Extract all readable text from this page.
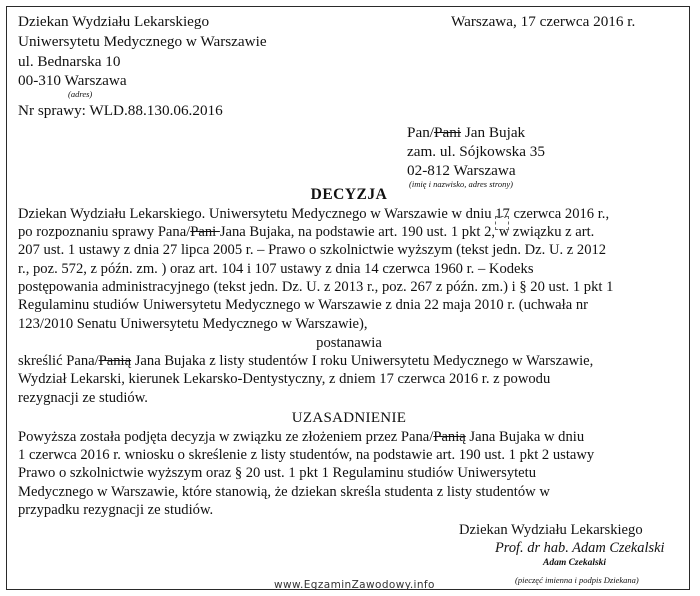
Dziekan Wydziału Lekarskiego
Uniwersytetu Medycznego w Warszawie
ul. Bednarska 10
00-310 Warszawa
(adres)
Nr sprawy: WLD.88.130.06.2016
Warszawa, 17 czerwca 2016 r.
Pan/Pani Jan Bujak
zam. ul. Sójkowska 35
02-812 Warszawa
(imię i nazwisko, adres strony)
DECYZJA
Dziekan Wydziału Lekarskiego. Uniwersytetu Medycznego w Warszawie w dniu 17 czerwca 2016 r.,
po rozpoznaniu sprawy Pana/Pani Jana Bujaka, na podstawie art. 190 ust. 1 pkt 2, w związku z art.
207 ust. 1 ustawy z dnia 27 lipca 2005 r. – Prawo o szkolnictwie wyższym (tekst jedn. Dz. U. z 2012
r., poz. 572, z późn. zm. ) oraz art. 104 i 107 ustawy z dnia 14 czerwca 1960 r. – Kodeks
postępowania administracyjnego (tekst jedn. Dz. U. z 2013 r., poz. 267 z późn. zm.) i § 20 ust. 1 pkt 1
Regulaminu studiów Uniwersytetu Medycznego w Warszawie z dnia 22 maja 2010 r. (uchwała nr
123/2010 Senatu Uniwersytetu Medycznego w Warszawie),
postanawia
skreślić Pana/Panią Jana Bujaka z listy studentów I roku Uniwersytetu Medycznego w Warszawie,
Wydział Lekarski, kierunek Lekarsko-Dentystyczny, z dniem 17 czerwca 2016 r. z powodu
rezygnacji ze studiów.
UZASADNIENIE
Powyższa została podjęta decyzja w związku ze złożeniem przez Pana/Panią Jana Bujaka w dniu
1 czerwca 2016 r. wniosku o skreślenie z listy studentów, na podstawie art. 190 ust. 1 pkt 2 ustawy
Prawo o szkolnictwie wyższym oraz § 20 ust. 1 pkt 1 Regulaminu studiów Uniwersytetu
Medycznego w Warszawie, które stanowią, że dziekan skreśla studenta z listy studentów w
przypadku rezygnacji ze studiów.
Dziekan Wydziału Lekarskiego
Prof. dr hab. Adam Czekalski
Adam Czekalski
(pieczęć imienna i podpis Dziekana)
www.EgzaminZawodowy.info
